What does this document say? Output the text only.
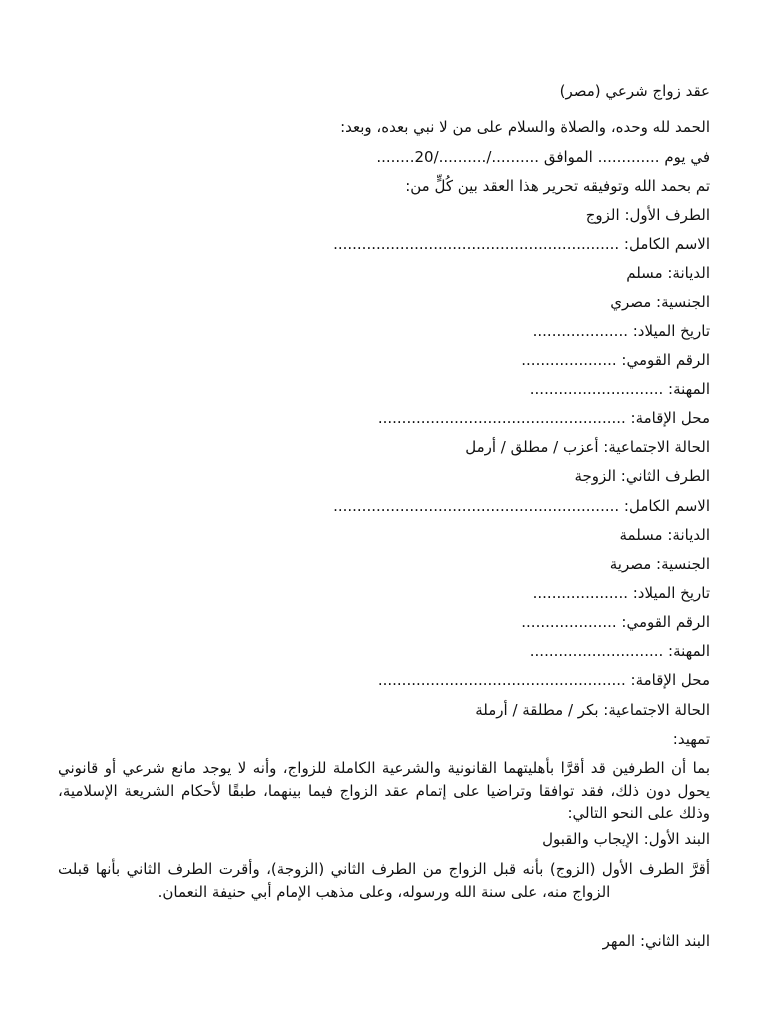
عقد زواج شرعي (مصر)
الحمد لله وحده، والصلاة والسلام على من لا نبي بعده، وبعد:
في يوم ............. الموافق ........../........../20........
تم بحمد الله وتوفيقه تحرير هذا العقد بين كُلٍّ من:
الطرف الأول: الزوج
الاسم الكامل: ............................................................
الديانة: مسلم
الجنسية: مصري
تاريخ الميلاد: ....................
الرقم القومي: ....................
المهنة: ............................
محل الإقامة: ....................................................
الحالة الاجتماعية: أعزب / مطلق / أرمل
الطرف الثاني: الزوجة
الاسم الكامل: ............................................................
الديانة: مسلمة
الجنسية: مصرية
تاريخ الميلاد: ....................
الرقم القومي: ....................
المهنة: ............................
محل الإقامة: ....................................................
الحالة الاجتماعية: بكر / مطلقة / أرملة
تمهيد:
بما أن الطرفين قد أقرَّا بأهليتهما القانونية والشرعية الكاملة للزواج، وأنه لا يوجد مانع شرعي أو قانوني يحول دون ذلك، فقد توافقا وتراضيا على إتمام عقد الزواج فيما بينهما، طبقًا لأحكام الشريعة الإسلامية، وذلك على النحو التالي:
البند الأول: الإيجاب والقبول
أقرَّ الطرف الأول (الزوج) بأنه قبل الزواج من الطرف الثاني (الزوجة)، وأقرت الطرف الثاني بأنها قبلت الزواج منه، على سنة الله ورسوله، وعلى مذهب الإمام أبي حنيفة النعمان.
البند الثاني: المهر
